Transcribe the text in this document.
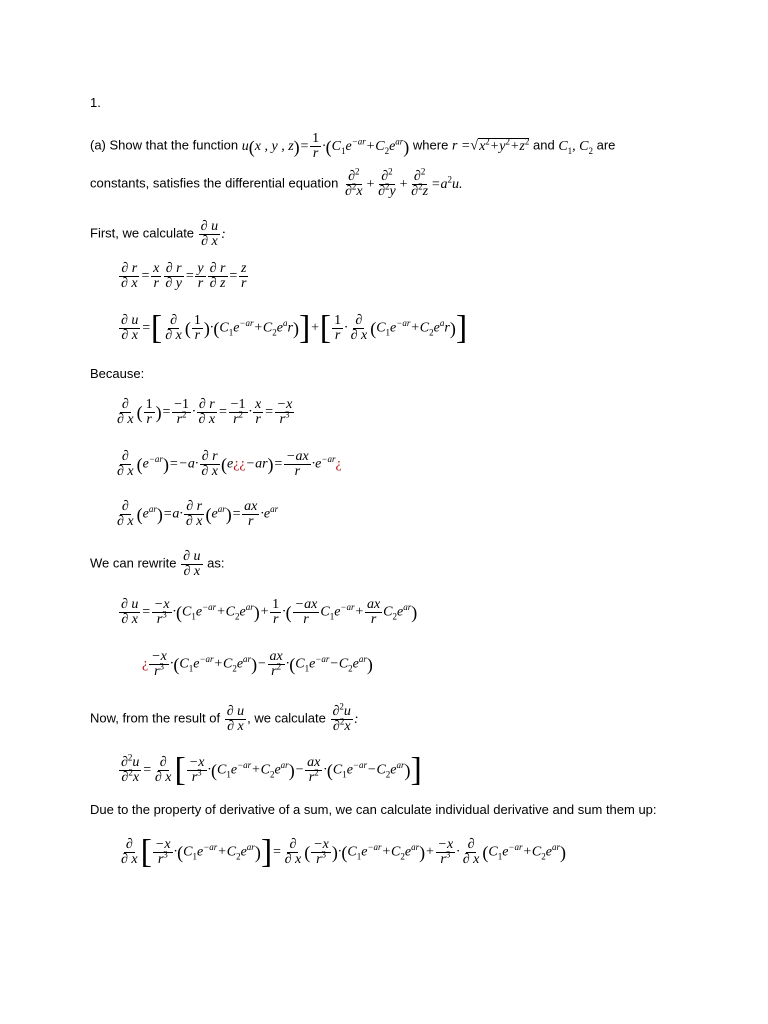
1.
(a) Show that the function u(x , y , $z)= \frac{1}{r} \cdot(C_1e^{-ar}+C_2e^{ar})$ where $r =√x^2+y^2+z^2$ and $C_1$, $C_2$ are
constants, satisfies the differential equation $\frac{\partial^2}{\partial^2x} + \frac{\partial^2}{\partial^2y} + \frac{\partial^2}{\partial^2z} =a^2u$.
First, we calculate $\frac{\partial u}{\partial x}$ :
$\frac{\partial r}{\partial x} = \frac{x}{r} \frac{\partial r}{\partial y} = \frac{y}{r} \frac{\partial r}{\partial z} = \frac{z}{r}$
$\frac{\partial u}{\partial x}$ =[ $\frac{\partial}{\partial x}$ ( $\frac{1}{r} )\cdot(C_1e^{-ar}+C_2e^ar)]+[ \frac{1}{r} \cdot \frac{\partial}{\partial x} (C_1e^{-ar}+C_2e^ar)]$
Because:
$\frac{\partial}{\partial x}$ ( $\frac{1}{r}$ )= $\frac{-1}{r^2} \cdot \frac{\partial r}{\partial x} = \frac{-1}{r^2} \cdot \frac{x}{r} = \frac{-x}{r^3}$
$\frac{\partial}{\partial x} (e^{-ar})=-a\cdot \frac{\partial r}{\partial x}$ (e¿¿−ar)= $\frac{-ax}{r}$ $\cdot e^{-ar}¿$
$\frac{\partial}{\partial x} (e^{ar})=a\cdot \frac{\partial r}{\partial x} (e^{ar})= \frac{ax}{r} \cdot e^{ar}$
We can rewrite $\frac{\partial u}{\partial x}$ as:
$\frac{\partial u}{\partial x} = \frac{-x}{r^3} \cdot(C_1e^{-ar}+C_2e^{ar})+ \frac{1}{r}$ ·( $\frac{-ax}{r} C_1e^{-ar}+ \frac{ax}{r} C_2e^{ar}$)
¿ $\frac{-x}{r^3} \cdot(C_1e^{-ar}+C_2e^{ar})- \frac{ax}{r^2} \cdot(C_1e^{-ar}-C_2e^{ar})$
Now, from the result of $\frac{\partial u}{\partial x}$ , we calculate $\frac{\partial^2u}{\partial^2x}$ :
$\frac{\partial^2u}{\partial^2x} = \frac{\partial}{\partial x}$ [ $\frac{-x}{r^3} \cdot(C_1e^{-ar}+C_2e^{ar})- \frac{ax}{r^2} \cdot(C_1e^{-ar}-C_2e^{ar})$]
Due to the property of derivative of a sum, we can calculate individual derivative and sum them up:
$\frac{\partial}{\partial x}$ [ $\frac{-x}{r^3} \cdot(C_1e^{-ar}+C_2e^{ar})]= \frac{\partial}{\partial x}$ ( $\frac{-x}{r^3} )\cdot(C_1e^{-ar}+C_2e^{ar})+ \frac{-x}{r^3} \cdot \frac{\partial}{\partial x} (C_1e^{-ar}+C_2e^{ar})$
